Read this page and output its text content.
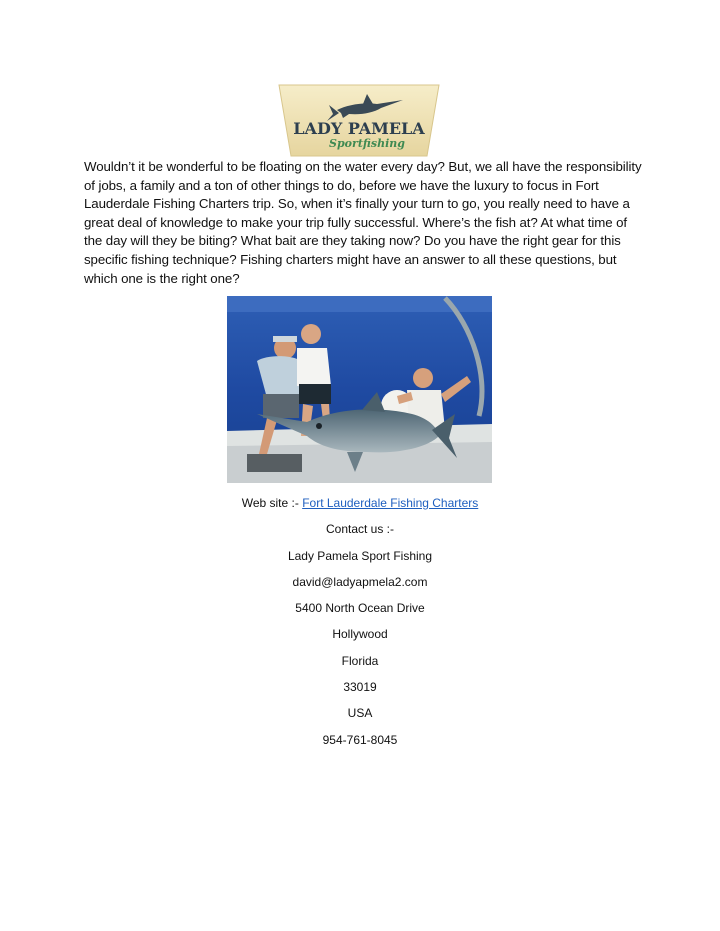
LADY PAMELA
Sportfishing

Wouldn’t it be wonderful to be floating on the water every day? But, we all have the responsibility of jobs, a family and a ton of other things to do, before we have the luxury to focus in Fort Lauderdale Fishing Charters trip. So, when it’s finally your turn to go, you really need to have a great deal of knowledge to make your trip fully successful. Where’s the fish at? At what time of the day will they be biting? What bait are they taking now? Do you have the right gear for this specific fishing technique? Fishing charters might have an answer to all these questions, but which one is the right one?

Web site :- Fort Lauderdale Fishing Charters
Contact us :-
Lady Pamela Sport Fishing
david@ladyapmela2.com
5400 North Ocean Drive
Hollywood
Florida
33019
USA
954-761-8045
